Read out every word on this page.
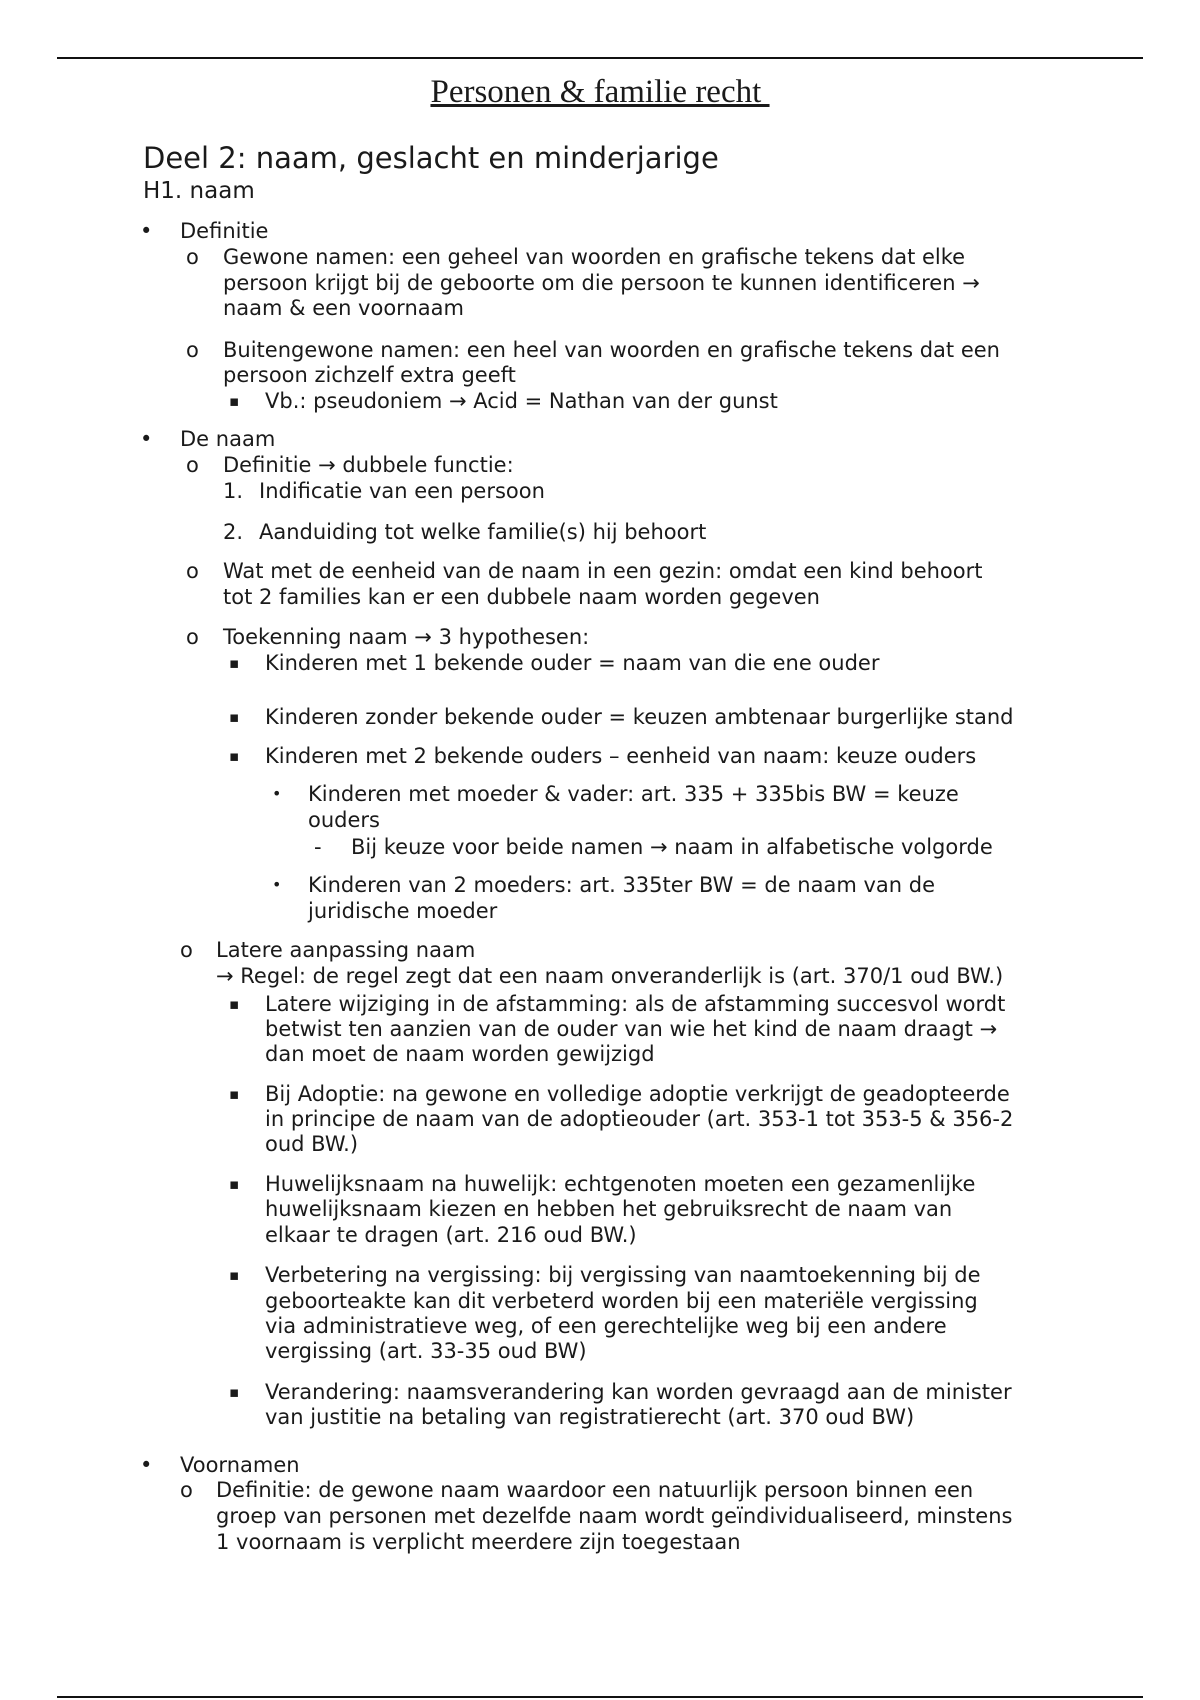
Personen & familie recht
Deel 2: naam, geslacht en minderjarige
H1. naam
• Definitie
o Gewone namen: een geheel van woorden en grafische tekens dat elke
persoon krijgt bij de geboorte om die persoon te kunnen identificeren →
naam & een voornaam
o Buitengewone namen: een heel van woorden en grafische tekens dat een
persoon zichzelf extra geeft
▪ Vb.: pseudoniem → Acid = Nathan van der gunst
• De naam
o Definitie → dubbele functie:
1. Indificatie van een persoon
2. Aanduiding tot welke familie(s) hij behoort
o Wat met de eenheid van de naam in een gezin: omdat een kind behoort
tot 2 families kan er een dubbele naam worden gegeven
o Toekenning naam → 3 hypothesen:
▪ Kinderen met 1 bekende ouder = naam van die ene ouder
▪ Kinderen zonder bekende ouder = keuzen ambtenaar burgerlijke stand
▪ Kinderen met 2 bekende ouders – eenheid van naam: keuze ouders
• Kinderen met moeder & vader: art. 335 + 335bis BW = keuze
ouders
- Bij keuze voor beide namen → naam in alfabetische volgorde
• Kinderen van 2 moeders: art. 335ter BW = de naam van de
juridische moeder
o Latere aanpassing naam
→ Regel: de regel zegt dat een naam onveranderlijk is (art. 370/1 oud BW.)
▪ Latere wijziging in de afstamming: als de afstamming succesvol wordt
betwist ten aanzien van de ouder van wie het kind de naam draagt →
dan moet de naam worden gewijzigd
▪ Bij Adoptie: na gewone en volledige adoptie verkrijgt de geadopteerde
in principe de naam van de adoptieouder (art. 353-1 tot 353-5 & 356-2
oud BW.)
▪ Huwelijksnaam na huwelijk: echtgenoten moeten een gezamenlijke
huwelijksnaam kiezen en hebben het gebruiksrecht de naam van
elkaar te dragen (art. 216 oud BW.)
▪ Verbetering na vergissing: bij vergissing van naamtoekenning bij de
geboorteakte kan dit verbeterd worden bij een materiële vergissing
via administratieve weg, of een gerechtelijke weg bij een andere
vergissing (art. 33-35 oud BW)
▪ Verandering: naamsverandering kan worden gevraagd aan de minister
van justitie na betaling van registratierecht (art. 370 oud BW)
• Voornamen
o Definitie: de gewone naam waardoor een natuurlijk persoon binnen een
groep van personen met dezelfde naam wordt geïndividualiseerd, minstens
1 voornaam is verplicht meerdere zijn toegestaan
